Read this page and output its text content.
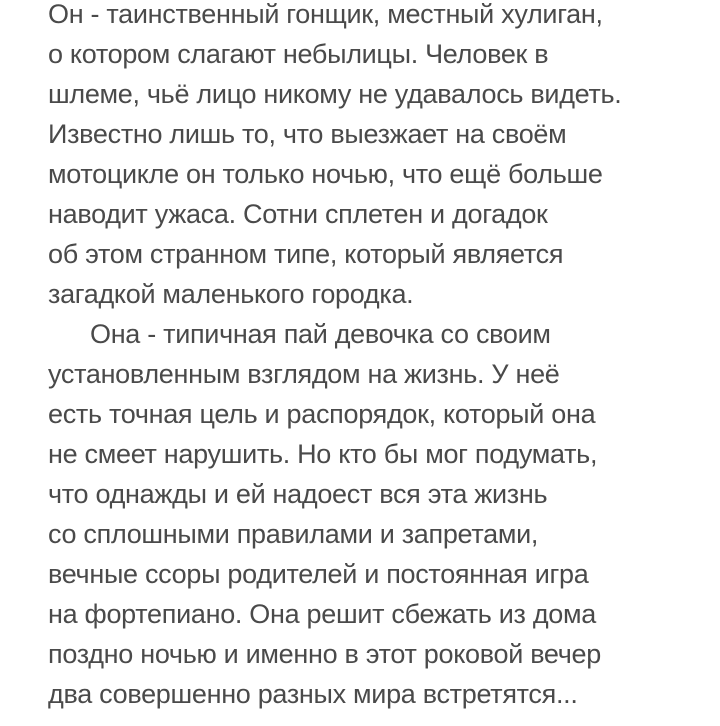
Он - таинственный гонщик, местный хулиган,
о котором слагают небылицы. Человек в
шлеме, чьё лицо никому не удавалось видеть.
Известно лишь то, что выезжает на своём
мотоцикле он только ночью, что ещё больше
наводит ужаса. Сотни сплетен и догадок
об этом странном типе, который является
загадкой маленького городка.
Она - типичная пай девочка со своим
установленным взглядом на жизнь. У неё
есть точная цель и распорядок, который она
не смеет нарушить. Но кто бы мог подумать,
что однажды и ей надоест вся эта жизнь
со сплошными правилами и запретами,
вечные ссоры родителей и постоянная игра
на фортепиано. Она решит сбежать из дома
поздно ночью и именно в этот роковой вечер
два совершенно разных мира встретятся...
